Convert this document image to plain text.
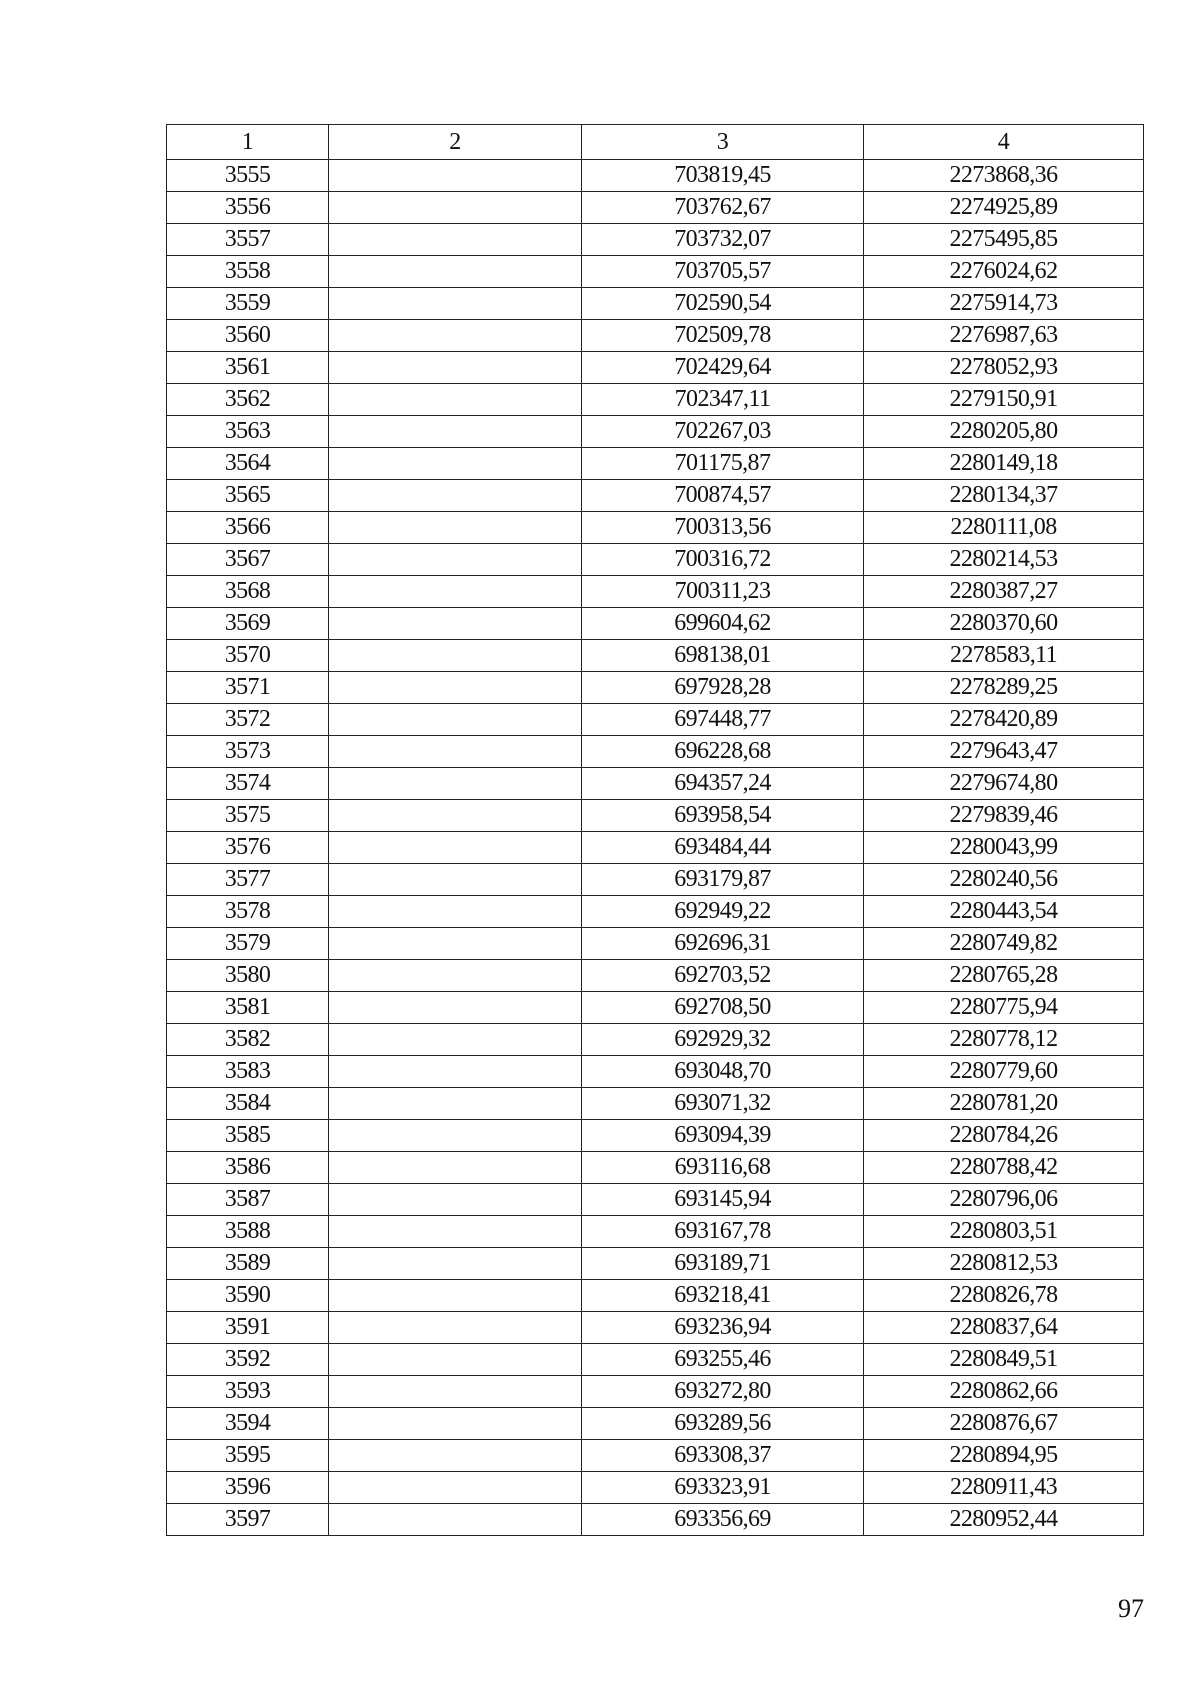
1	2	3	4
3555		703819,45	2273868,36
3556		703762,67	2274925,89
3557		703732,07	2275495,85
3558		703705,57	2276024,62
3559		702590,54	2275914,73
3560		702509,78	2276987,63
3561		702429,64	2278052,93
3562		702347,11	2279150,91
3563		702267,03	2280205,80
3564		701175,87	2280149,18
3565		700874,57	2280134,37
3566		700313,56	2280111,08
3567		700316,72	2280214,53
3568		700311,23	2280387,27
3569		699604,62	2280370,60
3570		698138,01	2278583,11
3571		697928,28	2278289,25
3572		697448,77	2278420,89
3573		696228,68	2279643,47
3574		694357,24	2279674,80
3575		693958,54	2279839,46
3576		693484,44	2280043,99
3577		693179,87	2280240,56
3578		692949,22	2280443,54
3579		692696,31	2280749,82
3580		692703,52	2280765,28
3581		692708,50	2280775,94
3582		692929,32	2280778,12
3583		693048,70	2280779,60
3584		693071,32	2280781,20
3585		693094,39	2280784,26
3586		693116,68	2280788,42
3587		693145,94	2280796,06
3588		693167,78	2280803,51
3589		693189,71	2280812,53
3590		693218,41	2280826,78
3591		693236,94	2280837,64
3592		693255,46	2280849,51
3593		693272,80	2280862,66
3594		693289,56	2280876,67
3595		693308,37	2280894,95
3596		693323,91	2280911,43
3597		693356,69	2280952,44
97
